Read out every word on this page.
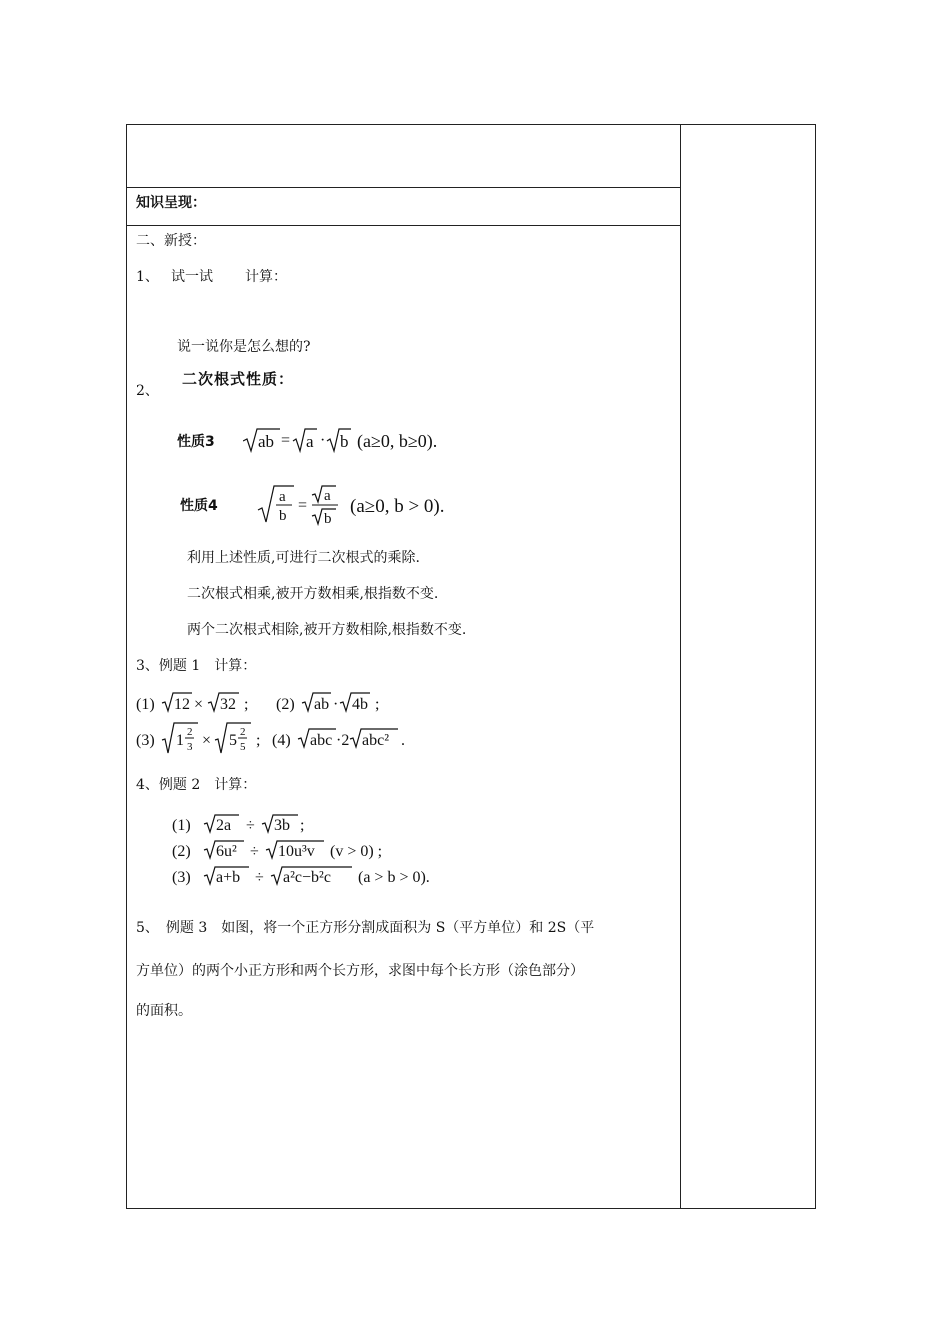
知识呈现：
二、新授：
1、 试一试 计算：
说一说你是怎么想的?
2、
二次根式性质：
性质3	ab = a · b (a≥0, b≥0).
性质4
a
b
=
a
b
(a≥0, b > 0).
利用上述性质,可进行二次根式的乘除.
二次根式相乘,被开方数相乘,根指数不变.
两个二次根式相除,被开方数相除,根指数不变.
3、例题 1　计算：
(1) 12 × 32 ; (2) ab · 4b ;
(3) 1 2
3 × 5 2
5 ; (4) abc ·2 abc² .
4、例题 2　计算：
(1) 2a ÷ 3b ;
(2) 6u² ÷ 10u³v (v > 0) ;
(3) a+b ÷ a²c−b²c (a > b > 0).
5、　例题 3　如图，将一个正方形分割成面积为 S（平方单位）和 2S（平
方单位）的两个小正方形和两个长方形，求图中每个长方形（涂色部分）
的面积。
